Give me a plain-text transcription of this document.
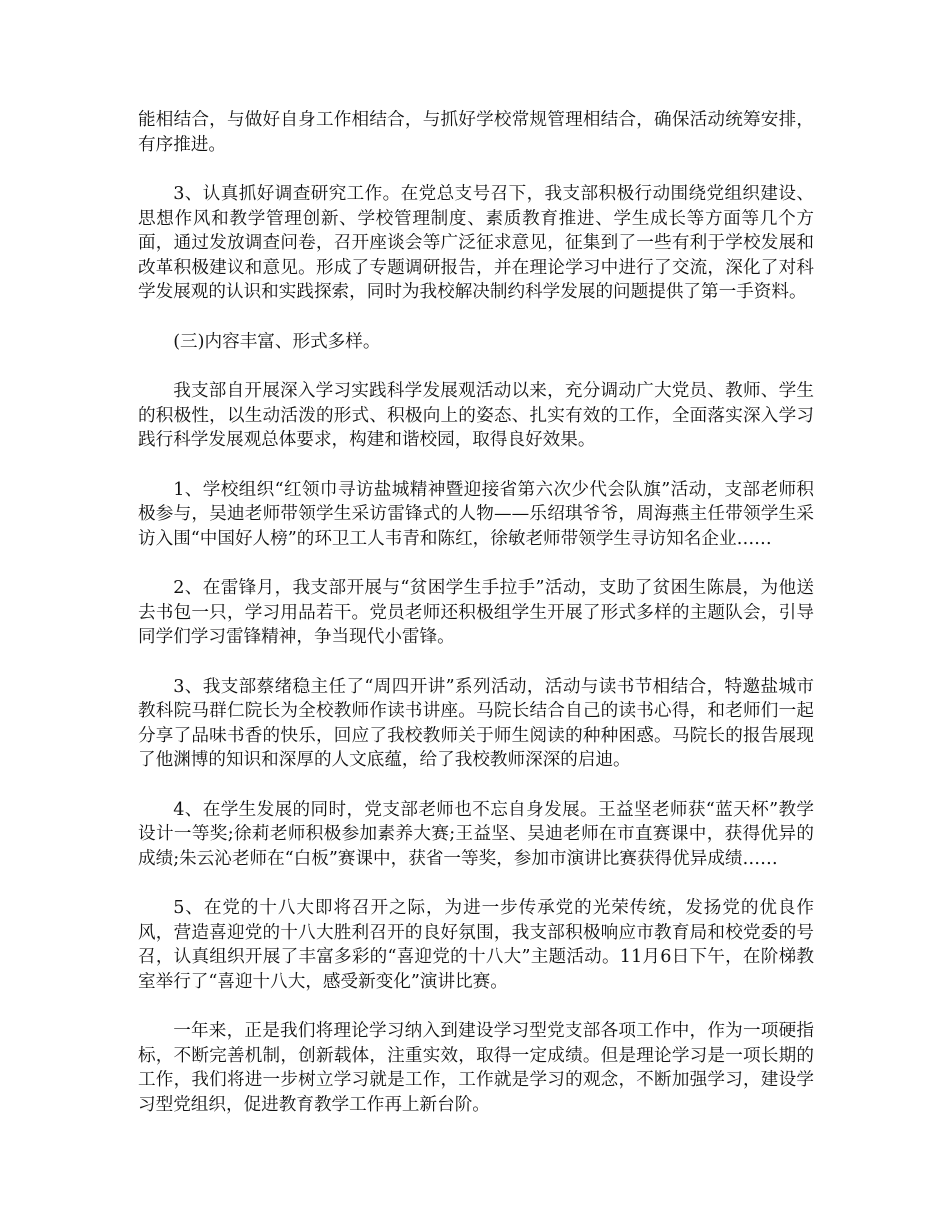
能相结合，与做好自身工作相结合，与抓好学校常规管理相结合，确保活动统筹安排，有序推进。

3、认真抓好调查研究工作。在党总支号召下，我支部积极行动围绕党组织建设、思想作风和教学管理创新、学校管理制度、素质教育推进、学生成长等方面等几个方面，通过发放调查问卷，召开座谈会等广泛征求意见，征集到了一些有利于学校发展和改革积极建议和意见。形成了专题调研报告，并在理论学习中进行了交流，深化了对科学发展观的认识和实践探索，同时为我校解决制约科学发展的问题提供了第一手资料。

(三)内容丰富、形式多样。

我支部自开展深入学习实践科学发展观活动以来，充分调动广大党员、教师、学生的积极性，以生动活泼的形式、积极向上的姿态、扎实有效的工作，全面落实深入学习践行科学发展观总体要求，构建和谐校园，取得良好效果。

1、学校组织“红领巾寻访盐城精神暨迎接省第六次少代会队旗”活动，支部老师积极参与，吴迪老师带领学生采访雷锋式的人物——乐绍琪爷爷，周海燕主任带领学生采访入围“中国好人榜”的环卫工人韦青和陈红，徐敏老师带领学生寻访知名企业……

2、在雷锋月，我支部开展与“贫困学生手拉手”活动，支助了贫困生陈晨，为他送去书包一只，学习用品若干。党员老师还积极组学生开展了形式多样的主题队会，引导同学们学习雷锋精神，争当现代小雷锋。

3、我支部蔡绪稳主任了“周四开讲”系列活动，活动与读书节相结合，特邀盐城市教科院马群仁院长为全校教师作读书讲座。马院长结合自己的读书心得，和老师们一起分享了品味书香的快乐，回应了我校教师关于师生阅读的种种困惑。马院长的报告展现了他渊博的知识和深厚的人文底蕴，给了我校教师深深的启迪。

4、在学生发展的同时，党支部老师也不忘自身发展。王益坚老师获“蓝天杯”教学设计一等奖;徐莉老师积极参加素养大赛;王益坚、吴迪老师在市直赛课中，获得优异的成绩;朱云沁老师在“白板”赛课中，获省一等奖，参加市演讲比赛获得优异成绩……

5、在党的十八大即将召开之际，为进一步传承党的光荣传统，发扬党的优良作风，营造喜迎党的十八大胜利召开的良好氛围，我支部积极响应市教育局和校党委的号召，认真组织开展了丰富多彩的“喜迎党的十八大”主题活动。11月6日下午，在阶梯教室举行了“喜迎十八大，感受新变化”演讲比赛。

一年来，正是我们将理论学习纳入到建设学习型党支部各项工作中，作为一项硬指标，不断完善机制，创新载体，注重实效，取得一定成绩。但是理论学习是一项长期的工作，我们将进一步树立学习就是工作，工作就是学习的观念，不断加强学习，建设学习型党组织，促进教育教学工作再上新台阶。
